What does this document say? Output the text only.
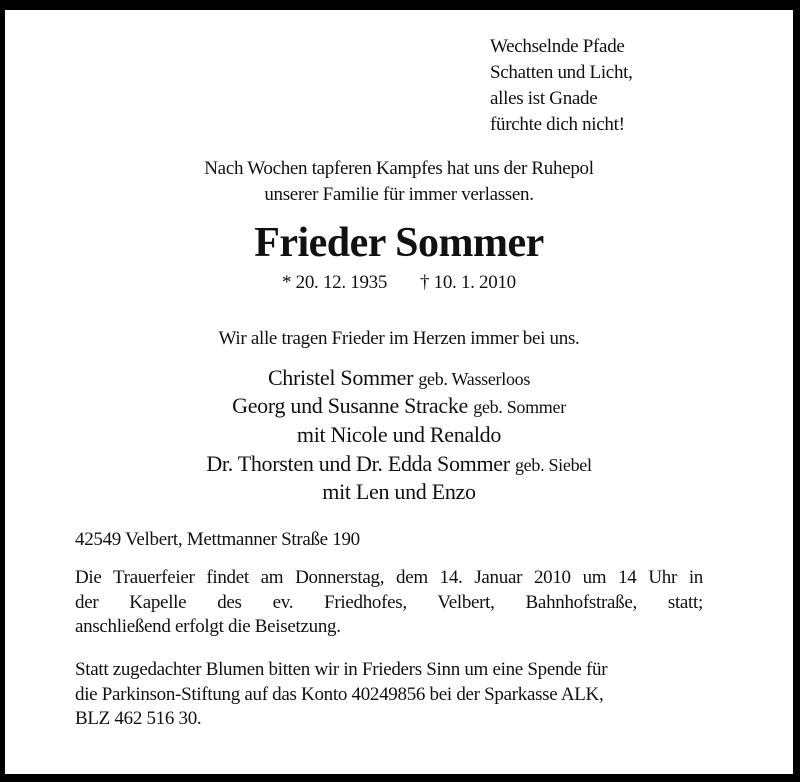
Wechselnde Pfade
Schatten und Licht,
alles ist Gnade
fürchte dich nicht!
Nach Wochen tapferen Kampfes hat uns der Ruhepol
unserer Familie für immer verlassen.
Frieder Sommer
* 20. 12. 1935 † 10. 1. 2010
Wir alle tragen Frieder im Herzen immer bei uns.
Christel Sommer geb. Wasserloos
Georg und Susanne Stracke geb. Sommer
mit Nicole und Renaldo
Dr. Thorsten und Dr. Edda Sommer geb. Siebel
mit Len und Enzo
42549 Velbert, Mettmanner Straße 190
Die Trauerfeier findet am Donnerstag, dem 14. Januar 2010 um 14 Uhr in
der Kapelle des ev. Friedhofes, Velbert, Bahnhofstraße, statt;
anschließend erfolgt die Beisetzung.
Statt zugedachter Blumen bitten wir in Frieders Sinn um eine Spende für
die Parkinson-Stiftung auf das Konto 40249856 bei der Sparkasse ALK,
BLZ 462 516 30.
